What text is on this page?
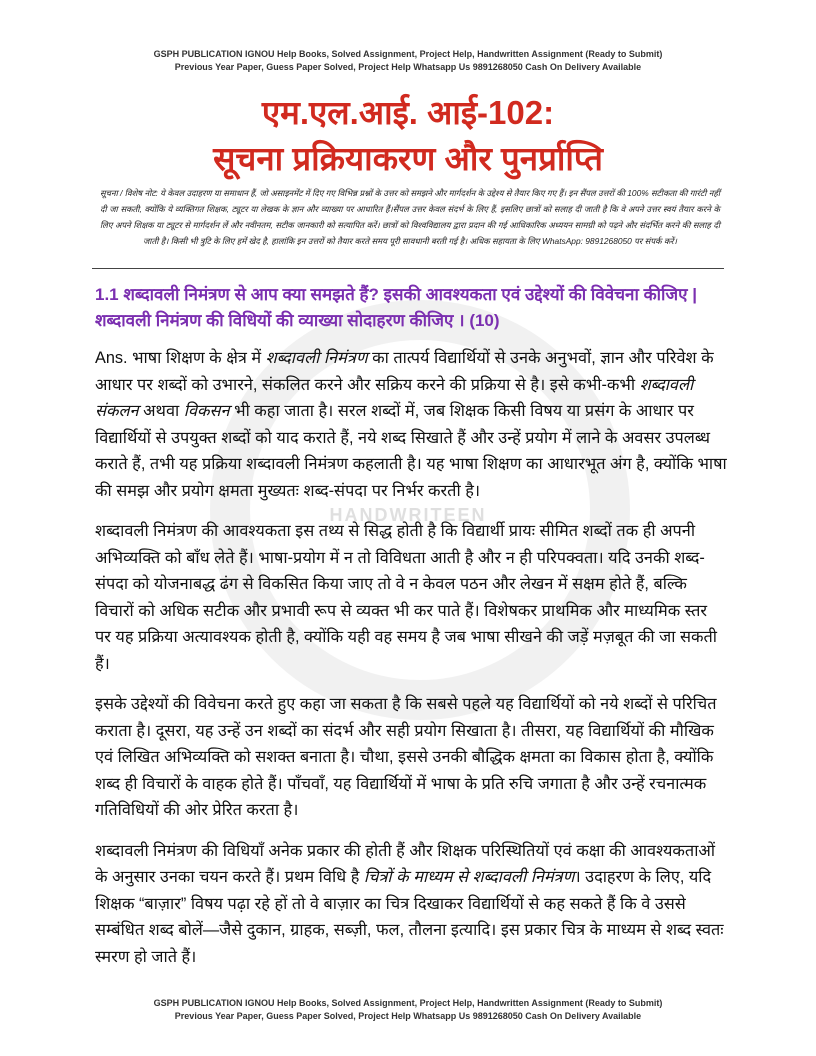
HANDWRITEEN
GSPH PUBLICATION IGNOU Help Books, Solved Assignment, Project Help, Handwritten Assignment (Ready to Submit)
Previous Year Paper, Guess Paper Solved, Project Help Whatsapp Us 9891268050 Cash On Delivery Available
एम.एल.आई. आई-102:
सूचना प्रक्रियाकरण और पुनर्प्राप्ति
सूचना / विशेष नोट: ये केवल उदाहरण या समाधान हैं, जो असाइनमेंट में दिए गए विभिन्न प्रश्नों के उत्तर को समझने और मार्गदर्शन के उद्देश्य से तैयार किए गए हैं। इन सैंपल उत्तरों की 100% सटीकता की गारंटी नहीं दी जा सकती, क्योंकि ये व्यक्तिगत शिक्षक, ट्यूटर या लेखक के ज्ञान और व्याख्या पर आधारित हैं।सैंपल उत्तर केवल संदर्भ के लिए हैं, इसलिए छात्रों को सलाह दी जाती है कि वे अपने उत्तर स्वयं तैयार करने के लिए अपने शिक्षक या ट्यूटर से मार्गदर्शन लें और नवीनतम, सटीक जानकारी को सत्यापित करें। छात्रों को विश्वविद्यालय द्वारा प्रदान की गई आधिकारिक अध्ययन सामग्री को पढ़ने और संदर्भित करने की सलाह दी जाती है। किसी भी त्रुटि के लिए हमें खेद है, हालांकि इन उत्तरों को तैयार करते समय पूरी सावधानी बरती गई है। अधिक सहायता के लिए WhatsApp: 9891268050 पर संपर्क करें।
1.1 शब्दावली निमंत्रण से आप क्या समझते हैं? इसकी आवश्यकता एवं उद्देश्यों की विवेचना कीजिए | शब्दावली निमंत्रण की विधियों की व्याख्या सोदाहरण कीजिए । (10)

Ans. भाषा शिक्षण के क्षेत्र में शब्दावली निमंत्रण का तात्पर्य विद्यार्थियों से उनके अनुभवों, ज्ञान और परिवेश के आधार पर शब्दों को उभारने, संकलित करने और सक्रिय करने की प्रक्रिया से है। इसे कभी-कभी शब्दावली संकलन अथवा विकसन भी कहा जाता है। सरल शब्दों में, जब शिक्षक किसी विषय या प्रसंग के आधार पर विद्यार्थियों से उपयुक्त शब्दों को याद कराते हैं, नये शब्द सिखाते हैं और उन्हें प्रयोग में लाने के अवसर उपलब्ध कराते हैं, तभी यह प्रक्रिया शब्दावली निमंत्रण कहलाती है। यह भाषा शिक्षण का आधारभूत अंग है, क्योंकि भाषा की समझ और प्रयोग क्षमता मुख्यतः शब्द-संपदा पर निर्भर करती है।

शब्दावली निमंत्रण की आवश्यकता इस तथ्य से सिद्ध होती है कि विद्यार्थी प्रायः सीमित शब्दों तक ही अपनी अभिव्यक्ति को बाँध लेते हैं। भाषा-प्रयोग में न तो विविधता आती है और न ही परिपक्वता। यदि उनकी शब्द-संपदा को योजनाबद्ध ढंग से विकसित किया जाए तो वे न केवल पठन और लेखन में सक्षम होते हैं, बल्कि विचारों को अधिक सटीक और प्रभावी रूप से व्यक्त भी कर पाते हैं। विशेषकर प्राथमिक और माध्यमिक स्तर पर यह प्रक्रिया अत्यावश्यक होती है, क्योंकि यही वह समय है जब भाषा सीखने की जड़ें मज़बूत की जा सकती हैं।

इसके उद्देश्यों की विवेचना करते हुए कहा जा सकता है कि सबसे पहले यह विद्यार्थियों को नये शब्दों से परिचित कराता है। दूसरा, यह उन्हें उन शब्दों का संदर्भ और सही प्रयोग सिखाता है। तीसरा, यह विद्यार्थियों की मौखिक एवं लिखित अभिव्यक्ति को सशक्त बनाता है। चौथा, इससे उनकी बौद्धिक क्षमता का विकास होता है, क्योंकि शब्द ही विचारों के वाहक होते हैं। पाँचवाँ, यह विद्यार्थियों में भाषा के प्रति रुचि जगाता है और उन्हें रचनात्मक गतिविधियों की ओर प्रेरित करता है।

शब्दावली निमंत्रण की विधियाँ अनेक प्रकार की होती हैं और शिक्षक परिस्थितियों एवं कक्षा की आवश्यकताओं के अनुसार उनका चयन करते हैं। प्रथम विधि है चित्रों के माध्यम से शब्दावली निमंत्रण। उदाहरण के लिए, यदि शिक्षक “बाज़ार” विषय पढ़ा रहे हों तो वे बाज़ार का चित्र दिखाकर विद्यार्थियों से कह सकते हैं कि वे उससे सम्बंधित शब्द बोलें—जैसे दुकान, ग्राहक, सब्ज़ी, फल, तौलना इत्यादि। इस प्रकार चित्र के माध्यम से शब्द स्वतः स्मरण हो जाते हैं।

GSPH PUBLICATION IGNOU Help Books, Solved Assignment, Project Help, Handwritten Assignment (Ready to Submit)
Previous Year Paper, Guess Paper Solved, Project Help Whatsapp Us 9891268050 Cash On Delivery Available
